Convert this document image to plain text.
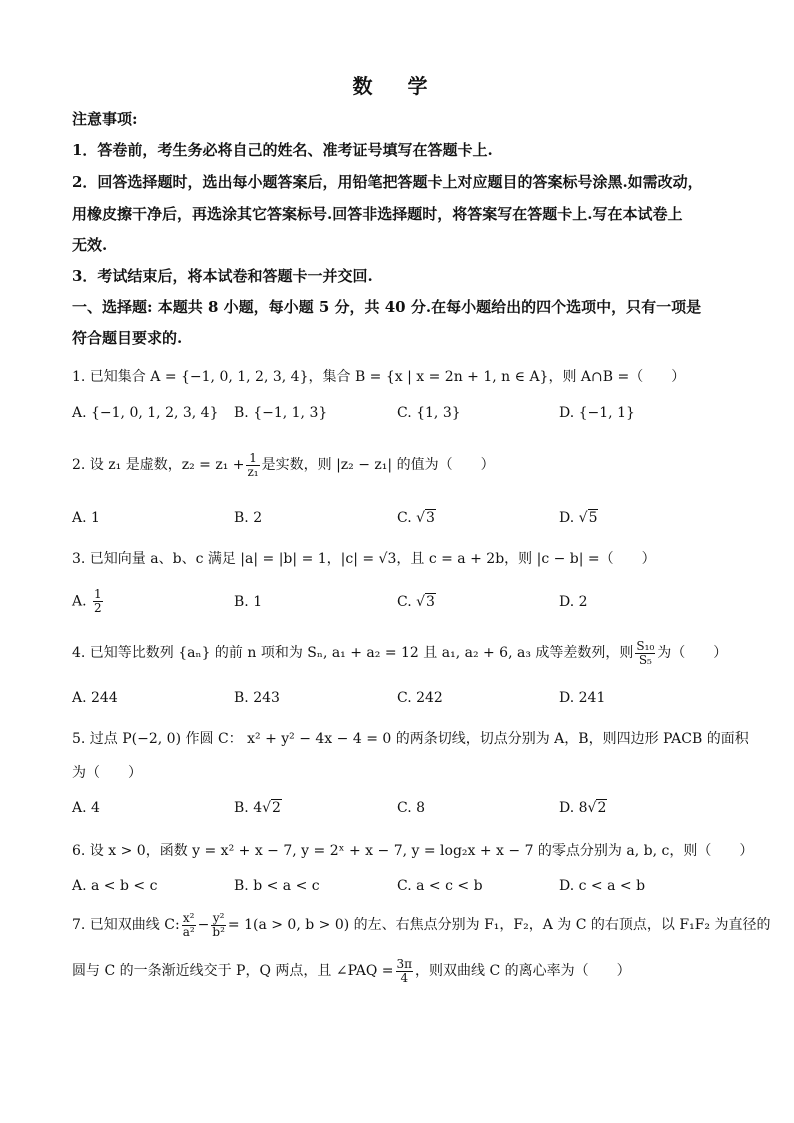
数 学
注意事项:
1．答卷前，考生务必将自己的姓名、准考证号填写在答题卡上.
2．回答选择题时，选出每小题答案后，用铅笔把答题卡上对应题目的答案标号涂黑.如需改动，
用橡皮擦干净后，再选涂其它答案标号.回答非选择题时，将答案写在答题卡上.写在本试卷上
无效.
3．考试结束后，将本试卷和答题卡一并交回.
一、选择题: 本题共 8 小题，每小题 5 分，共 40 分.在每小题给出的四个选项中，只有一项是
符合题目要求的.
1. 已知集合 A = {−1, 0, 1, 2, 3, 4}，集合 B = {x | x = 2n + 1, n ∈ A}，则 A∩B =（　　）
A. {−1, 0, 1, 2, 3, 4} B. {−1, 1, 3}	C. {1, 3}	D. {−1, 1}
2. 设 z₁ 是虚数，$z_2 = z_1 + \frac{1}{\text{z₁}}$ 是实数，则 |z₂ − z₁| 的值为（　　）
A. 1	B. 2	C. √3	D. √5
3. 已知向量 a、b、c 满足 |a| = |b| = 1，|c| = √3，且 c = a + 2b，则 |c − b| =（　　）
A. $\frac{1}{2}$	B. 1	C. √3	D. 2
4. 已知等比数列 {aₙ} 的前 n 项和为 Sₙ, a₁ + a₂ = 12 且 a₁, a₂ + 6, a₃ 成等差数列，则 $\frac{\text{S₁₀}}{\text{S₅}}$ 为（　　）
A. 244	B. 243	C. 242	D. 241
5. 过点 P(−2, 0) 作圆 C： x² + y² − 4x − 4 = 0 的两条切线，切点分别为 A，B，则四边形 PACB 的面积
为（　　）
A. 4	B. 4√2	C. 8	D. 8√2
6. 设 x > 0，函数 y = x² + x − 7, y = 2ˣ + x − 7, y = log₂x + x − 7 的零点分别为 a, b, c，则（　　）
A. a < b < c	B. b < a < c	C. a < c < b	D. c < a < b
7. 已知双曲线 C: $\frac{\text{x²}}{\text{a²}} - \frac{\text{y²}}{\text{b²}} = 1(a > 0$, b > 0) 的左、右焦点分别为 F₁，F₂，A 为 C 的右顶点，以 F₁F₂ 为直径的
圆与 C 的一条渐近线交于 P，Q 两点，且 ∠PAQ = $\frac{3\pi}{4}$ ，则双曲线 C 的离心率为（　　）
